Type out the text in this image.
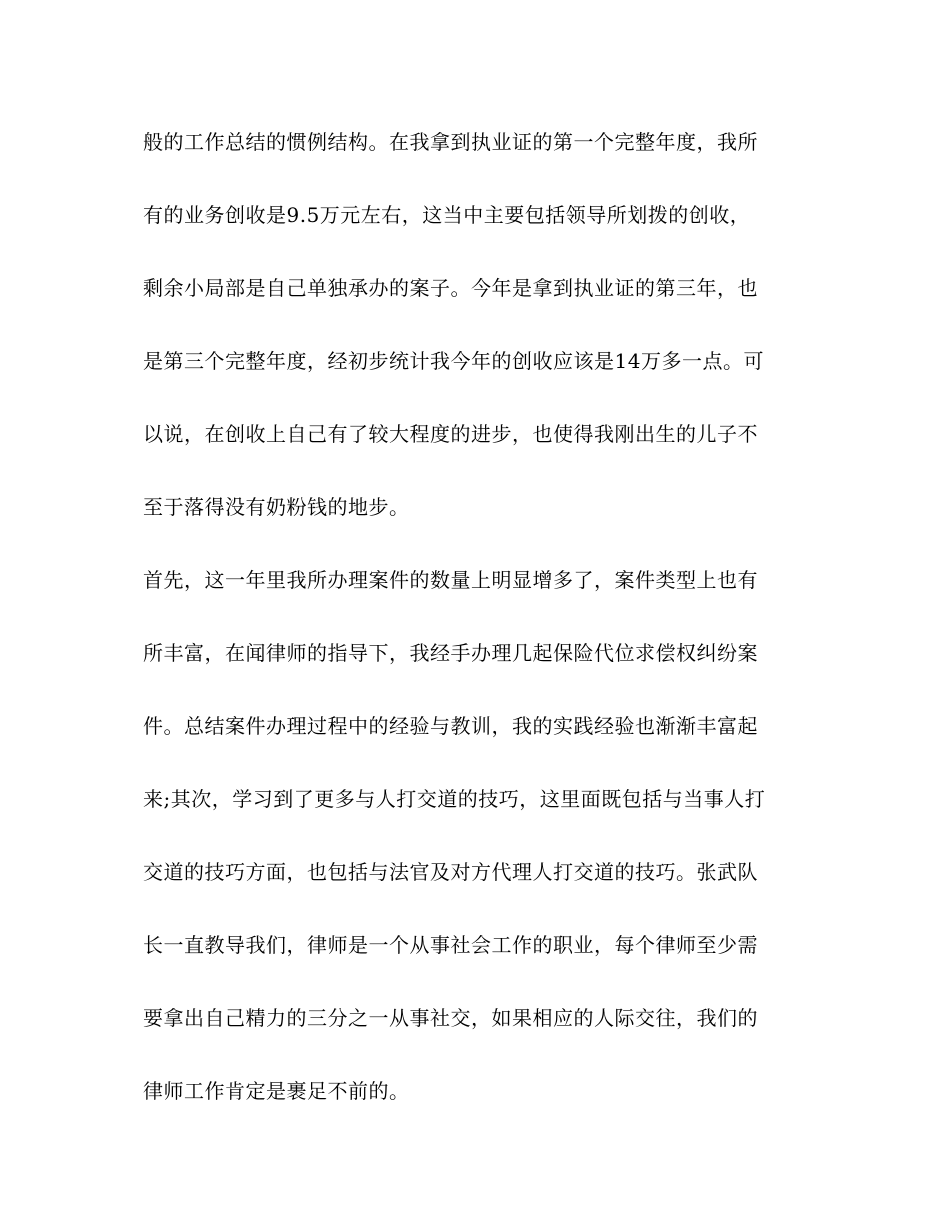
般的工作总结的惯例结构。在我拿到执业证的第一个完整年度，我所
有的业务创收是9.5万元左右，这当中主要包括领导所划拨的创收，
剩余小局部是自己单独承办的案子。今年是拿到执业证的第三年，也
是第三个完整年度，经初步统计我今年的创收应该是14万多一点。可
以说，在创收上自己有了较大程度的进步，也使得我刚出生的儿子不
至于落得没有奶粉钱的地步。
首先，这一年里我所办理案件的数量上明显增多了，案件类型上也有
所丰富，在闻律师的指导下，我经手办理几起保险代位求偿权纠纷案
件。总结案件办理过程中的经验与教训，我的实践经验也渐渐丰富起
来;其次，学习到了更多与人打交道的技巧，这里面既包括与当事人打
交道的技巧方面，也包括与法官及对方代理人打交道的技巧。张武队
长一直教导我们，律师是一个从事社会工作的职业，每个律师至少需
要拿出自己精力的三分之一从事社交，如果相应的人际交往，我们的
律师工作肯定是裹足不前的。
